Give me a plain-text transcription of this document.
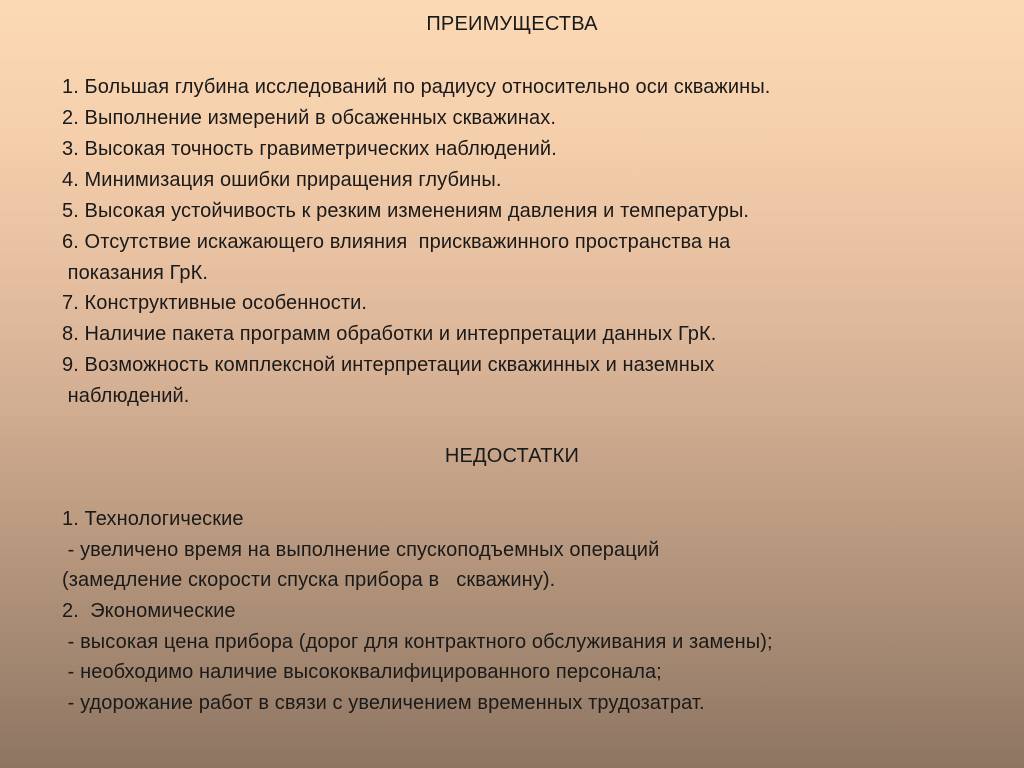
ПРЕИМУЩЕСТВА
1. Большая глубина исследований по радиусу относительно оси скважины.
2. Выполнение измерений в обсаженных скважинах.
3. Высокая точность гравиметрических наблюдений.
4. Минимизация ошибки приращения глубины.
5. Высокая устойчивость к резким изменениям давления и температуры.
6. Отсутствие искажающего влияния  прискважинного пространства на
показания ГрК.
7. Конструктивные особенности.
8. Наличие пакета программ обработки и интерпретации данных ГрК.
9. Возможность комплексной интерпретации скважинных и наземных
наблюдений.
НЕДОСТАТКИ
1. Технологические
- увеличено время на выполнение спускоподъемных операций
(замедление скорости спуска прибора в   скважину).
2.  Экономические
- высокая цена прибора (дорог для контрактного обслуживания и замены);
- необходимо наличие высококвалифицированного персонала;
- удорожание работ в связи с увеличением временных трудозатрат.
